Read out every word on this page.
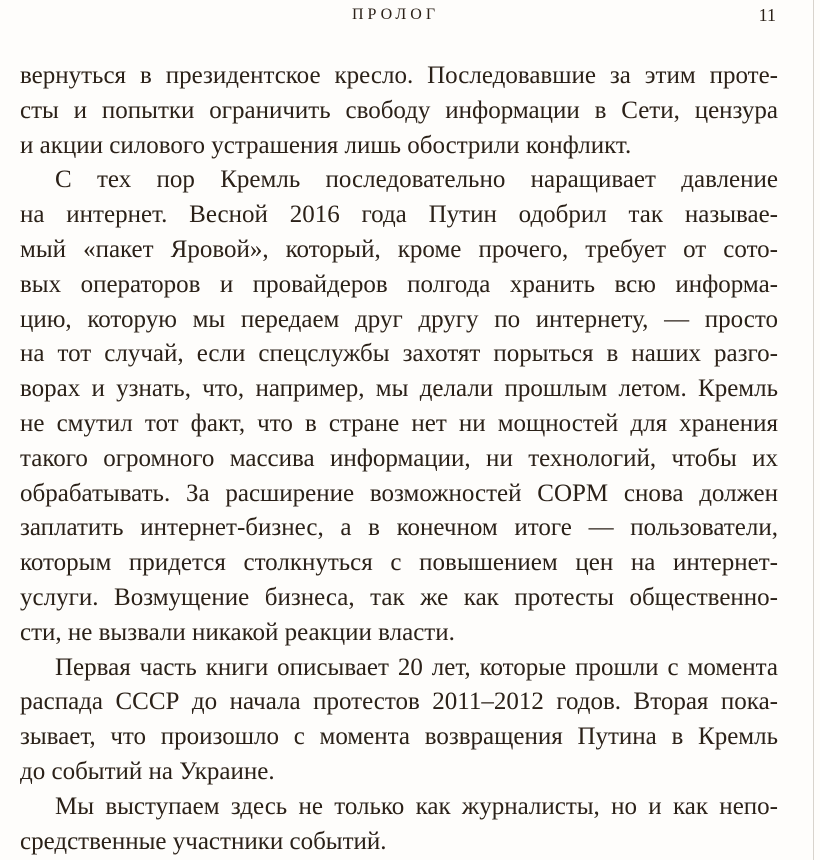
ПРОЛОГ	11
вернуться в президентское кресло. Последовавшие за этим проте-
сты и попытки ограничить свободу информации в Сети, цензура
и акции силового устрашения лишь обострили конфликт.
С тех пор Кремль последовательно наращивает давление
на интернет. Весной 2016 года Путин одобрил так называе-
мый «пакет Яровой», который, кроме прочего, требует от сото-
вых операторов и провайдеров полгода хранить всю информа-
цию, которую мы передаем друг другу по интернету, — просто
на тот случай, если спецслужбы захотят порыться в наших разго-
ворах и узнать, что, например, мы делали прошлым летом. Кремль
не смутил тот факт, что в стране нет ни мощностей для хранения
такого огромного массива информации, ни технологий, чтобы их
обрабатывать. За расширение возможностей СОРМ снова должен
заплатить интернет-бизнес, а в конечном итоге — пользователи,
которым придется столкнуться с повышением цен на интернет-
услуги. Возмущение бизнеса, так же как протесты общественно-
сти, не вызвали никакой реакции власти.
Первая часть книги описывает 20 лет, которые прошли с момента
распада СССР до начала протестов 2011–2012 годов. Вторая пока-
зывает, что произошло с момента возвращения Путина в Кремль
до событий на Украине.
Мы выступаем здесь не только как журналисты, но и как непо-
средственные участники событий.
